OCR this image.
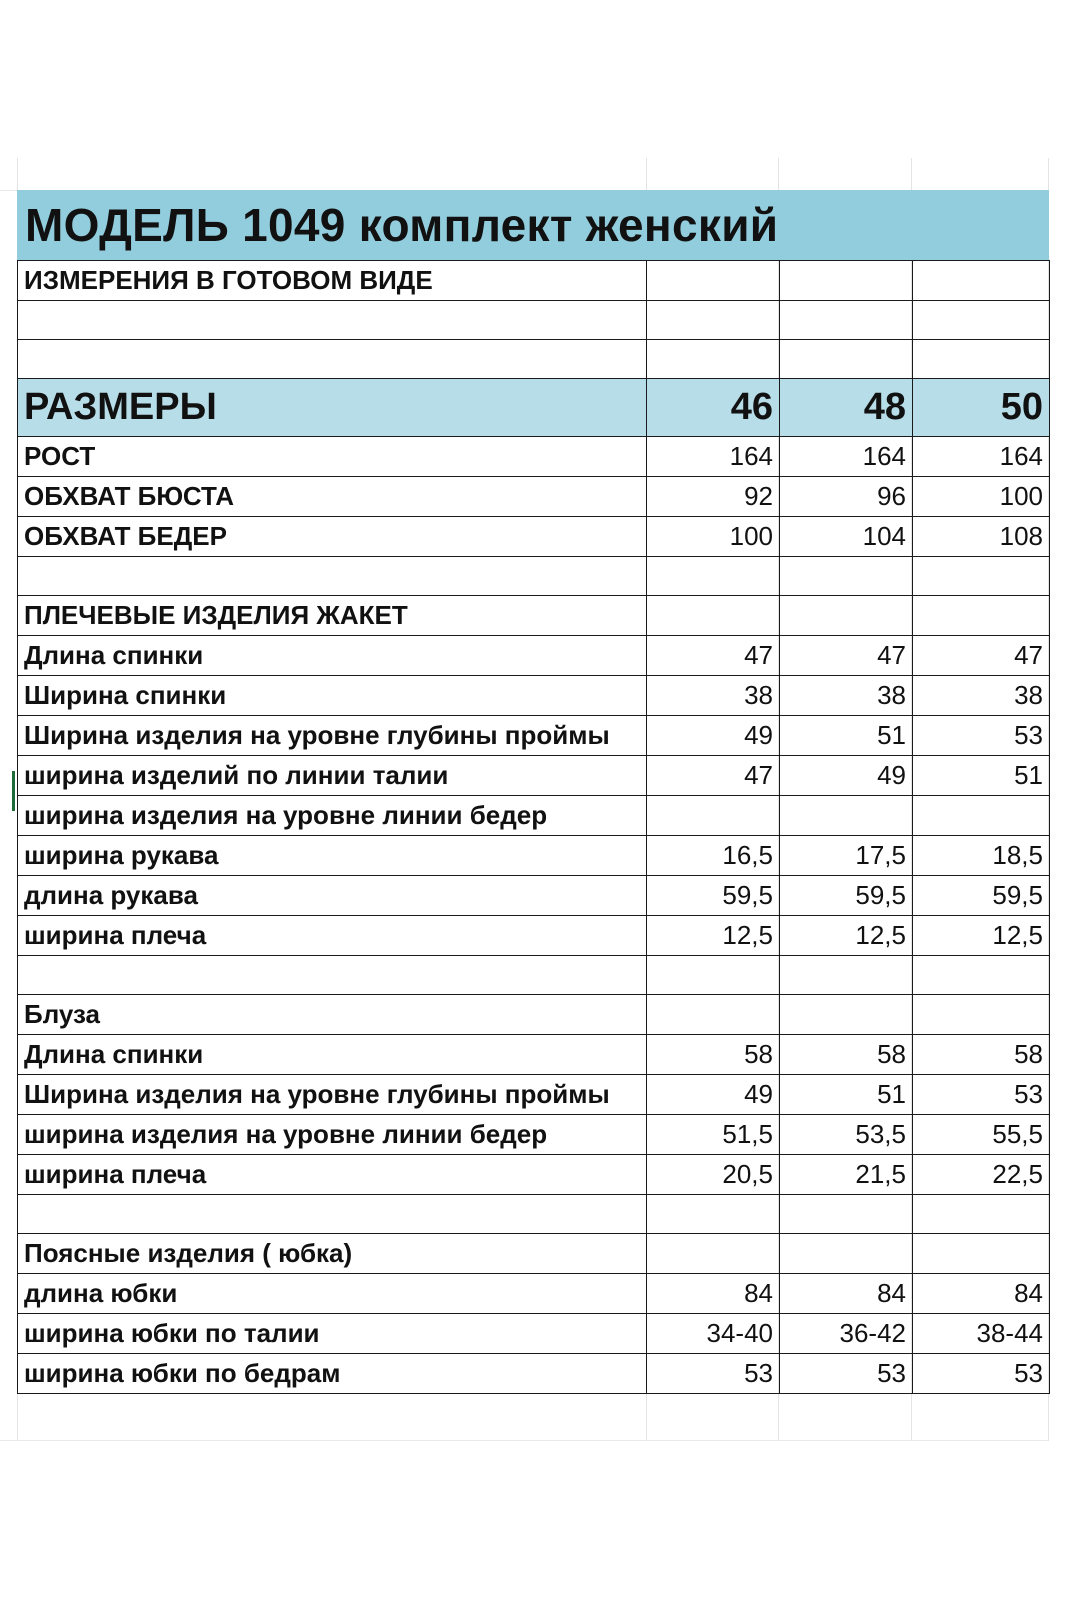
МОДЕЛЬ 1049 комплект женский
ИЗМЕРЕНИЯ В ГОТОВОМ ВИДЕ			

РАЗМЕРЫ	46	48	50
РОСТ	164	164	164
ОБХВАТ БЮСТА	92	96	100
ОБХВАТ БЕДЕР	100	104	108

ПЛЕЧЕВЫЕ ИЗДЕЛИЯ ЖАКЕТ			
Длина спинки	47	47	47
Ширина спинки	38	38	38
Ширина изделия на уровне глубины проймы	49	51	53
ширина изделий по линии талии	47	49	51
ширина изделия на уровне линии бедер			
ширина рукава	16,5	17,5	18,5
длина рукава	59,5	59,5	59,5
ширина плеча	12,5	12,5	12,5

Блуза			
Длина спинки	58	58	58
Ширина изделия на уровне глубины проймы	49	51	53
ширина изделия на уровне линии бедер	51,5	53,5	55,5
ширина плеча	20,5	21,5	22,5

Поясные изделия ( юбка)			
длина юбки	84	84	84
ширина юбки по талии	34-40	36-42	38-44
ширина юбки по бедрам	53	53	53
